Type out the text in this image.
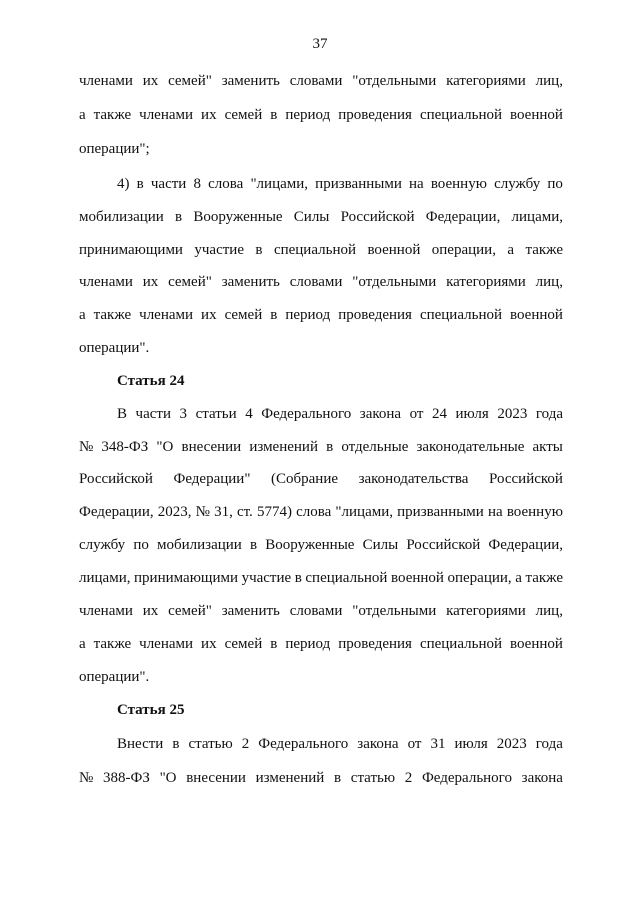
37
членами их семей" заменить словами "отдельными категориями лиц,
а также членами их семей в период проведения специальной военной
операции";
4) в части 8 слова "лицами, призванными на военную службу по
мобилизации в Вооруженные Силы Российской Федерации, лицами,
принимающими участие в специальной военной операции, а также
членами их семей" заменить словами "отдельными категориями лиц,
а также членами их семей в период проведения специальной военной
операции".
Статья 24
В части 3 статьи 4 Федерального закона от 24 июля 2023 года
№ 348-ФЗ "О внесении изменений в отдельные законодательные акты
Российской Федерации" (Собрание законодательства Российской
Федерации, 2023, № 31, ст. 5774) слова "лицами, призванными на военную
службу по мобилизации в Вооруженные Силы Российской Федерации,
лицами, принимающими участие в специальной военной операции, а также
членами их семей" заменить словами "отдельными категориями лиц,
а также членами их семей в период проведения специальной военной
операции".
Статья 25
Внести в статью 2 Федерального закона от 31 июля 2023 года
№ 388-ФЗ "О внесении изменений в статью 2 Федерального закона
